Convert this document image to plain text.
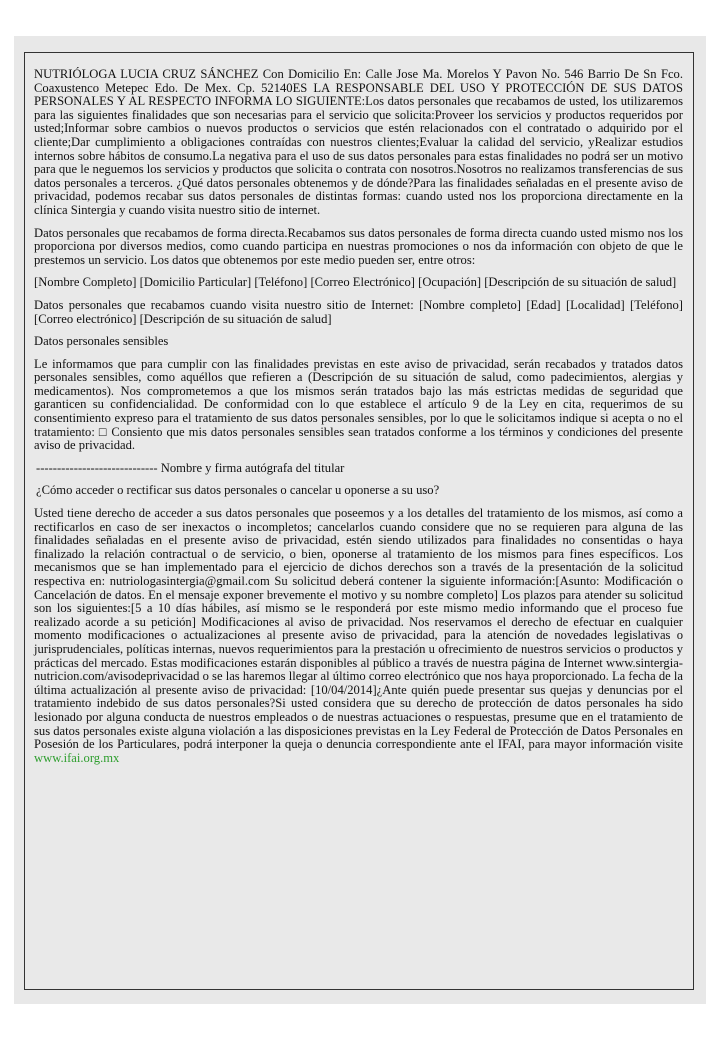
NUTRIÓLOGA LUCIA CRUZ SÁNCHEZ Con Domicilio En: Calle Jose Ma. Morelos Y Pavon No. 546 Barrio De Sn Fco. Coaxustenco Metepec Edo. De Mex. Cp. 52140ES LA RESPONSABLE DEL USO Y PROTECCIÓN DE SUS DATOS PERSONALES Y AL RESPECTO INFORMA LO SIGUIENTE:Los datos personales que recabamos de usted, los utilizaremos para las siguientes finalidades que son necesarias para el servicio que solicita:Proveer los servicios y productos requeridos por usted;Informar sobre cambios o nuevos productos o servicios que estén relacionados con el contratado o adquirido por el cliente;Dar cumplimiento a obligaciones contraídas con nuestros clientes;Evaluar la calidad del servicio, yRealizar estudios internos sobre hábitos de consumo.La negativa para el uso de sus datos personales para estas finalidades no podrá ser un motivo para que le neguemos los servicios y productos que solicita o contrata con nosotros.Nosotros no realizamos transferencias de sus datos personales a terceros. ¿Qué datos personales obtenemos y de dónde?Para las finalidades señaladas en el presente aviso de privacidad, podemos recabar sus datos personales de distintas formas: cuando usted nos los proporciona directamente en la clínica Sintergia y cuando visita nuestro sitio de internet.

Datos personales que recabamos de forma directa.Recabamos sus datos personales de forma directa cuando usted mismo nos los proporciona por diversos medios, como cuando participa en nuestras promociones o nos da información con objeto de que le prestemos un servicio. Los datos que obtenemos por este medio pueden ser, entre otros:

[Nombre Completo] [Domicilio Particular] [Teléfono] [Correo Electrónico] [Ocupación] [Descripción de su situación de salud]

Datos personales que recabamos cuando visita nuestro sitio de Internet: [Nombre completo] [Edad] [Localidad] [Teléfono] [Correo electrónico] [Descripción de su situación de salud]

Datos personales sensibles

Le informamos que para cumplir con las finalidades previstas en este aviso de privacidad, serán recabados y tratados datos personales sensibles, como aquéllos que refieren a (Descripción de su situación de salud, como padecimientos, alergias y medicamentos). Nos comprometemos a que los mismos serán tratados bajo las más estrictas medidas de seguridad que garanticen su confidencialidad. De conformidad con lo que establece el artículo 9 de la Ley en cita, requerimos de su consentimiento expreso para el tratamiento de sus datos personales sensibles, por lo que le solicitamos indique si acepta o no el tratamiento: □ Consiento que mis datos personales sensibles sean tratados conforme a los términos y condiciones del presente aviso de privacidad.

----------------------------- Nombre y firma autógrafa del titular

¿Cómo acceder o rectificar sus datos personales o cancelar u oponerse a su uso?

Usted tiene derecho de acceder a sus datos personales que poseemos y a los detalles del tratamiento de los mismos, así como a rectificarlos en caso de ser inexactos o incompletos; cancelarlos cuando considere que no se requieren para alguna de las finalidades señaladas en el presente aviso de privacidad, estén siendo utilizados para finalidades no consentidas o haya finalizado la relación contractual o de servicio, o bien, oponerse al tratamiento de los mismos para fines específicos. Los mecanismos que se han implementado para el ejercicio de dichos derechos son a través de la presentación de la solicitud respectiva en: nutriologasintergia@gmail.com Su solicitud deberá contener la siguiente información:[Asunto: Modificación o Cancelación de datos. En el mensaje exponer brevemente el motivo y su nombre completo] Los plazos para atender su solicitud son los siguientes:[5 a 10 días hábiles, así mismo se le responderá por este mismo medio informando que el proceso fue realizado acorde a su petición] Modificaciones al aviso de privacidad. Nos reservamos el derecho de efectuar en cualquier momento modificaciones o actualizaciones al presente aviso de privacidad, para la atención de novedades legislativas o jurisprudenciales, políticas internas, nuevos requerimientos para la prestación u ofrecimiento de nuestros servicios o productos y prácticas del mercado. Estas modificaciones estarán disponibles al público a través de nuestra página de Internet www.sintergia-nutricion.com/avisodeprivacidad o se las haremos llegar al último correo electrónico que nos haya proporcionado. La fecha de la última actualización al presente aviso de privacidad: [10/04/2014]¿Ante quién puede presentar sus quejas y denuncias por el tratamiento indebido de sus datos personales?Si usted considera que su derecho de protección de datos personales ha sido lesionado por alguna conducta de nuestros empleados o de nuestras actuaciones o respuestas, presume que en el tratamiento de sus datos personales existe alguna violación a las disposiciones previstas en la Ley Federal de Protección de Datos Personales en Posesión de los Particulares, podrá interponer la queja o denuncia correspondiente ante el IFAI, para mayor información visite www.ifai.org.mx
